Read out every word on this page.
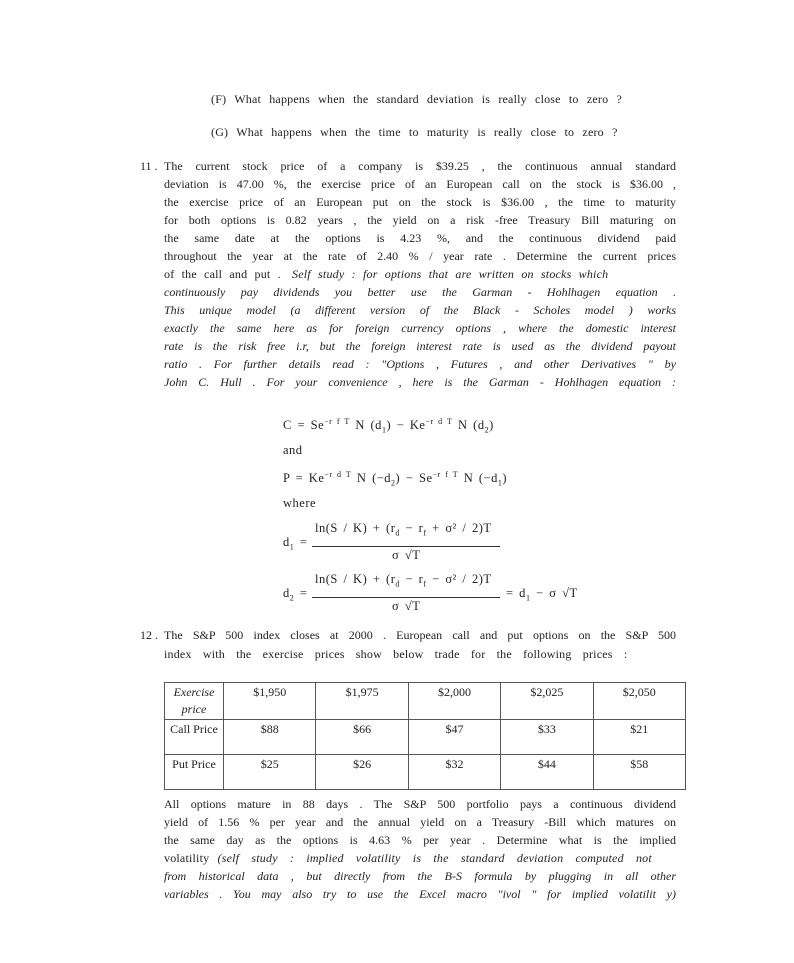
(F) What happens when the standard deviation is really close to zero ?
(G) What happens when the time to maturity is really close to zero ?
11 . The current stock price of a company is $39.25 , the continuous annual standard
deviation is 47.00 %, the exercise price of an European call on the stock is $36.00 ,
the exercise price of an European put on the stock is $36.00 , the time to maturity
for both options is 0.82 years , the yield on a risk -free Treasury Bill maturing on
the same date at the options is 4.23 %, and the continuous dividend paid
throughout the year at the rate of 2.40 % / year rate . Determine the current prices
of the call and put . Self study : for options that are written on stocks which
continuously pay dividends you better use the Garman - Hohlhagen equation .
This unique model (a different version of the Black - Scholes model ) works
exactly the same here as for foreign currency options , where the domestic interest
rate is the risk free i.r, but the foreign interest rate is used as the dividend payout
ratio . For further details read : "Options , Futures , and other Derivatives " by
John C. Hull . For your convenience , here is the Garman - Hohlhagen equation :
$C = Se^{-r f T}$ N $(d_1) - Ke^{-r d T}$ N $(d_2)$
and
$P = Ke^{-r d T}$ N $(-d_2) - Se^{-r f T}$ N $(-d_1)$
where
$d_1$ =
$\ln(S / K) + (r_d - r_f + \sigma^2 / 2)T$
σ √T
$d_2$ =
$\ln(S / K) + (r_d - r_f - \sigma^2 / 2)T$
σ √T
= $d_1 - \sigma$ √T
12 . The S&P 500 index closes at 2000 . European call and put options on the S&P 500
index with the exercise prices show below trade for the following prices :
Exercise price	$1,950	$1,975	$2,000	$2,025	$2,050
Call Price	$88	$66	$47	$33	$21
Put Price	$25	$26	$32	$44	$58
All options mature in 88 days . The S&P 500 portfolio pays a continuous dividend
yield of 1.56 % per year and the annual yield on a Treasury -Bill which matures on
the same day as the options is 4.63 % per year . Determine what is the implied
volatility (self study : implied volatility is the standard deviation computed not
from historical data , but directly from the B-S formula by plugging in all other
variables . You may also try to use the Excel macro "ivol " for implied volatilit y)
